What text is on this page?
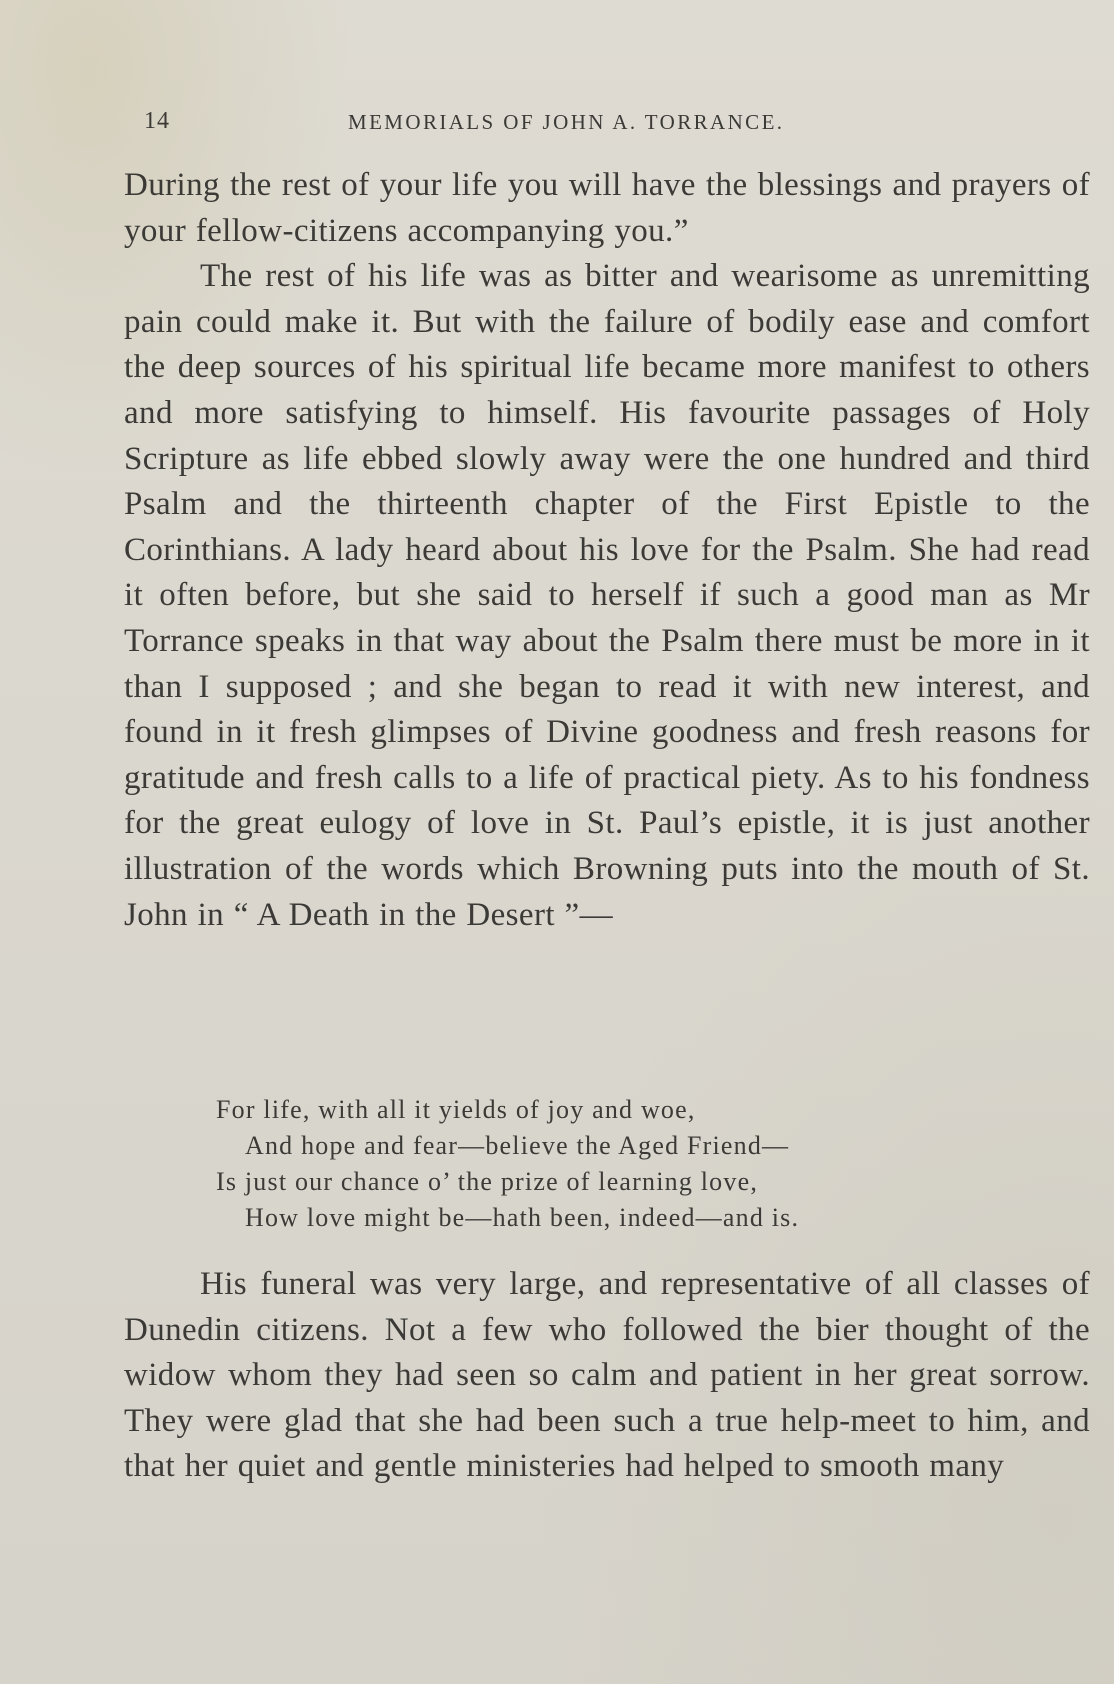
14	MEMORIALS OF JOHN A. TORRANCE.

During the rest of your life you will have the blessings and prayers of your fellow-citizens accompanying you.”

The rest of his life was as bitter and wearisome as unremitting pain could make it. But with the failure of bodily ease and comfort the deep sources of his spiritual life became more manifest to others and more satisfying to himself. His favourite passages of Holy Scripture as life ebbed slowly away were the one hundred and third Psalm and the thirteenth chapter of the First Epistle to the Corinthians. A lady heard about his love for the Psalm. She had read it often before, but she said to herself if such a good man as Mr Torrance speaks in that way about the Psalm there must be more in it than I supposed ; and she began to read it with new interest, and found in it fresh glimpses of Divine goodness and fresh reasons for gratitude and fresh calls to a life of practical piety. As to his fondness for the great eulogy of love in St. Paul’s epistle, it is just another illustration of the words which Browning puts into the mouth of St. John in “ A Death in the Desert ”—

For life, with all it yields of joy and woe,
And hope and fear—believe the Aged Friend—
Is just our chance o’ the prize of learning love,
How love might be—hath been, indeed—and is.

His funeral was very large, and representative of all classes of Dunedin citizens. Not a few who followed the bier thought of the widow whom they had seen so calm and patient in her great sorrow. They were glad that she had been such a true help-meet to him, and that her quiet and gentle ministeries had helped to smooth many
